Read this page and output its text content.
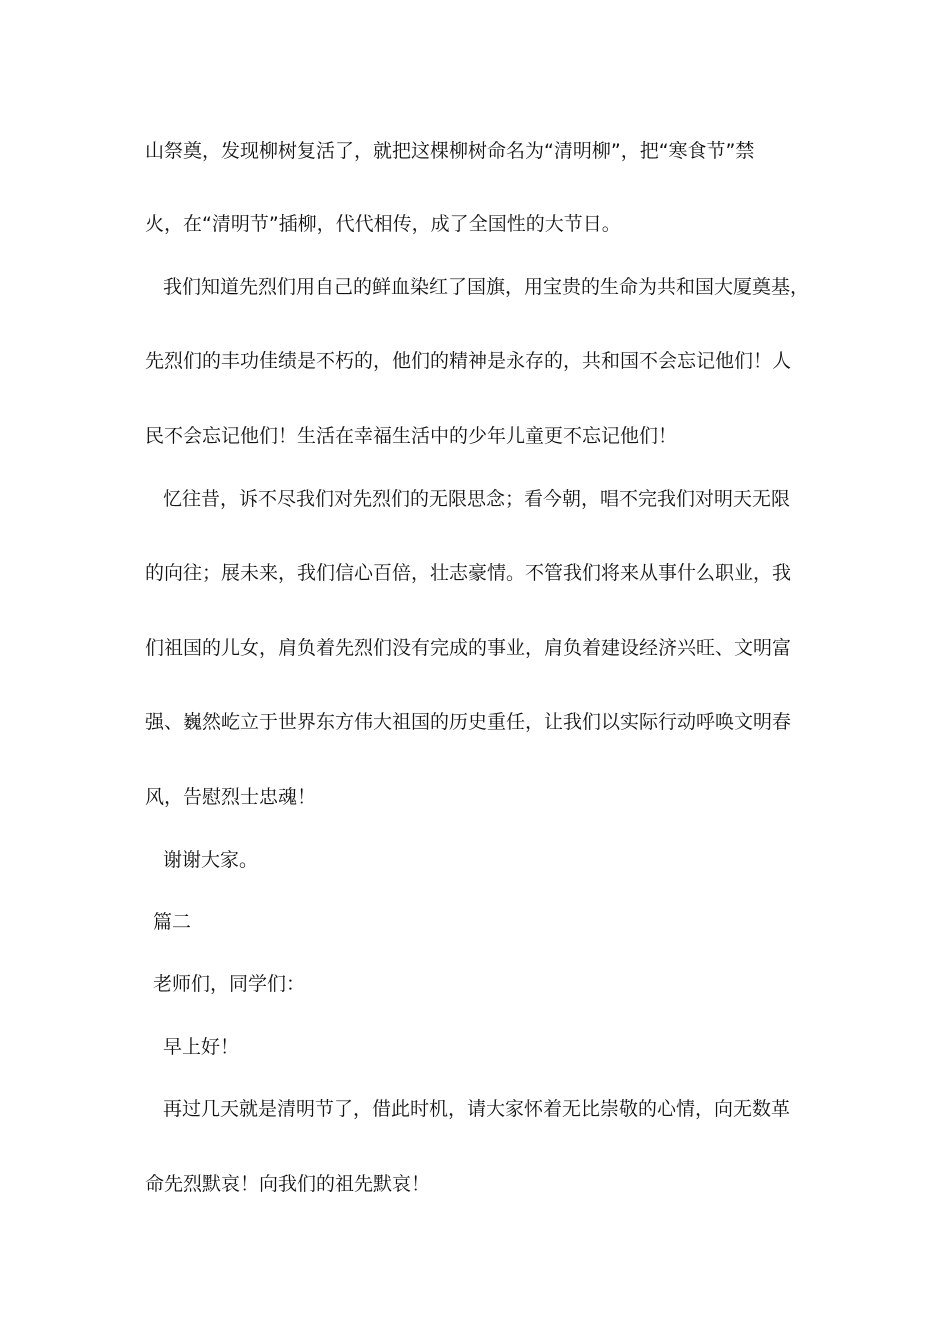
山祭奠，发现柳树复活了，就把这棵柳树命名为“清明柳”，把“寒食节”禁
火，在“清明节”插柳，代代相传，成了全国性的大节日。
我们知道先烈们用自己的鲜血染红了国旗，用宝贵的生命为共和国大厦奠基，
先烈们的丰功佳绩是不朽的，他们的精神是永存的，共和国不会忘记他们！人
民不会忘记他们！生活在幸福生活中的少年儿童更不忘记他们！
忆往昔，诉不尽我们对先烈们的无限思念；看今朝，唱不完我们对明天无限
的向往；展未来，我们信心百倍，壮志豪情。不管我们将来从事什么职业，我
们祖国的儿女，肩负着先烈们没有完成的事业，肩负着建设经济兴旺、文明富
强、巍然屹立于世界东方伟大祖国的历史重任，让我们以实际行动呼唤文明春
风，告慰烈士忠魂！
谢谢大家。
篇二
老师们，同学们：
早上好！
再过几天就是清明节了，借此时机，请大家怀着无比崇敬的心情，向无数革
命先烈默哀！向我们的祖先默哀！
